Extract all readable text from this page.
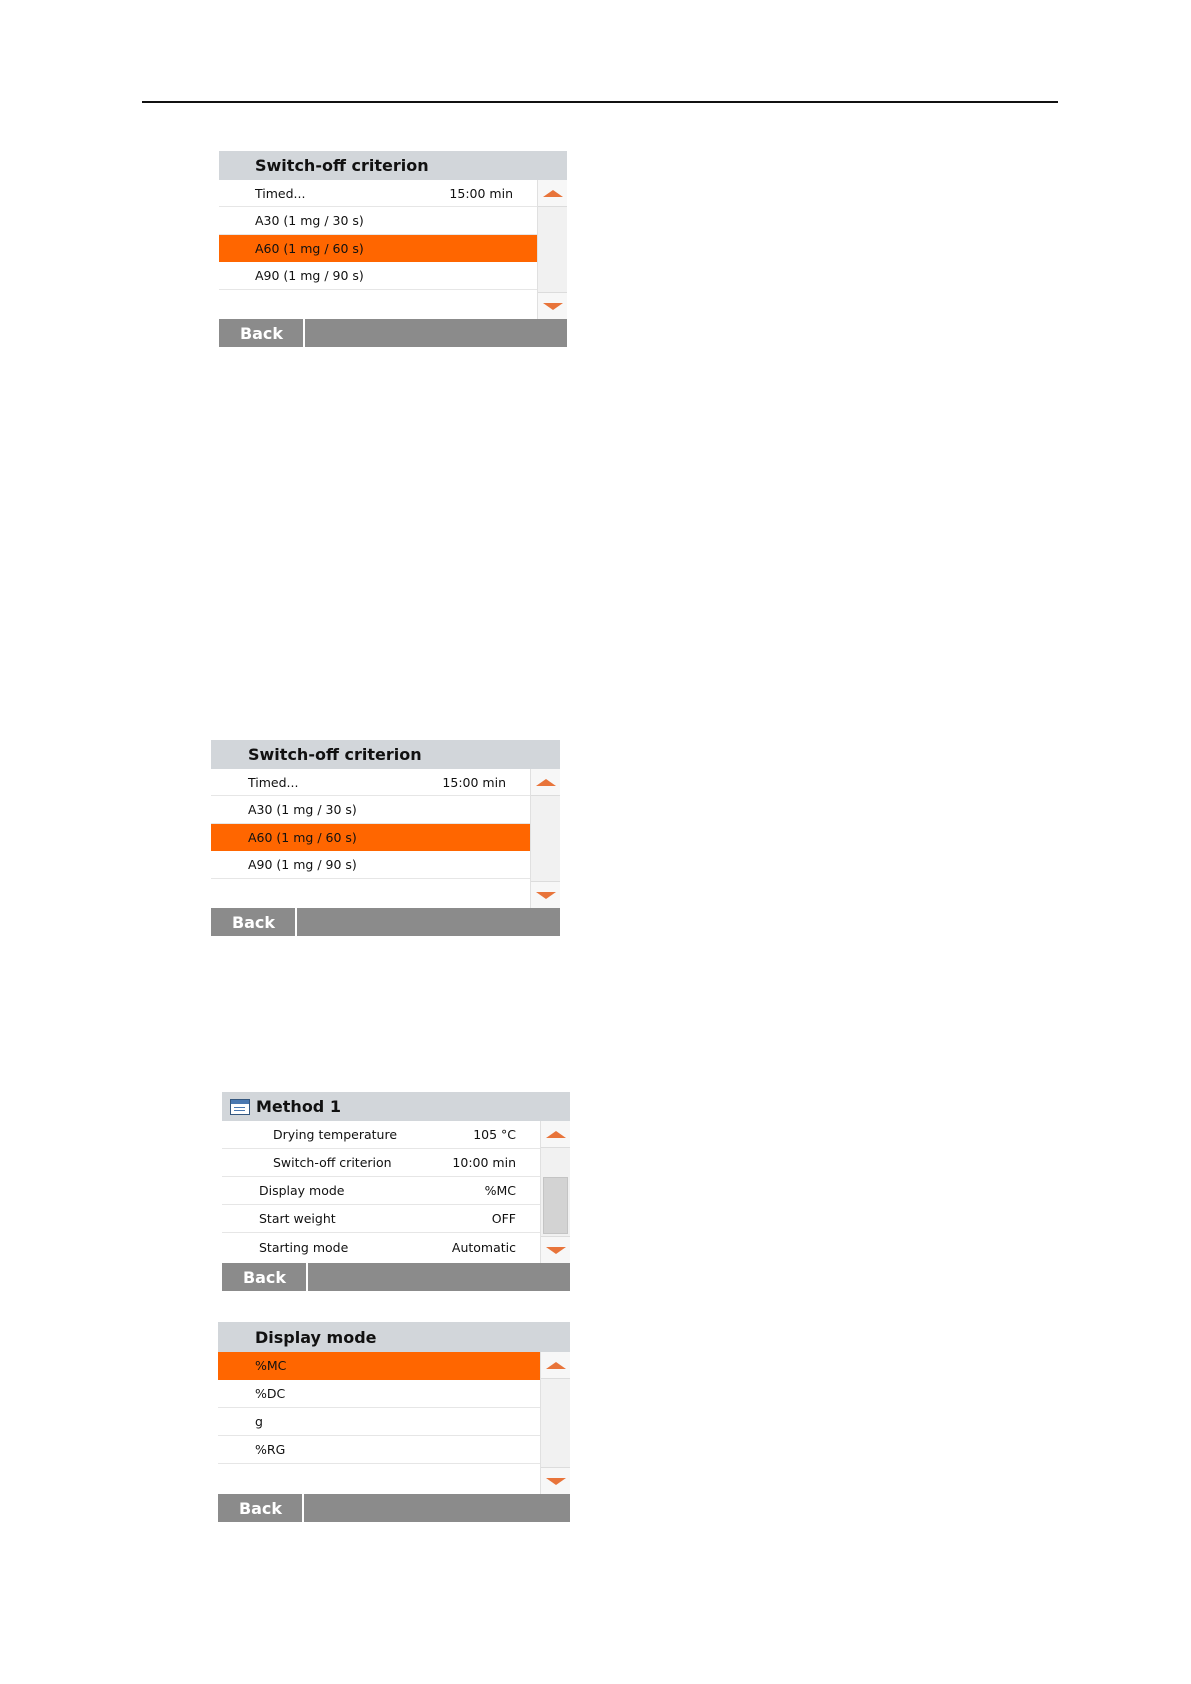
Switch-off criterion
Timed...	15:00 min
A30 (1 mg / 30 s)
A60 (1 mg / 60 s)
A90 (1 mg / 90 s)
Back
Switch-off criterion
Timed...	15:00 min
A30 (1 mg / 30 s)
A60 (1 mg / 60 s)
A90 (1 mg / 90 s)
Back
Method 1
Drying temperature	105 °C
Switch-off criterion	10:00 min
Display mode	%MC
Start weight	OFF
Starting mode	Automatic
Back
Display mode
%MC
%DC
g
%RG
Back
